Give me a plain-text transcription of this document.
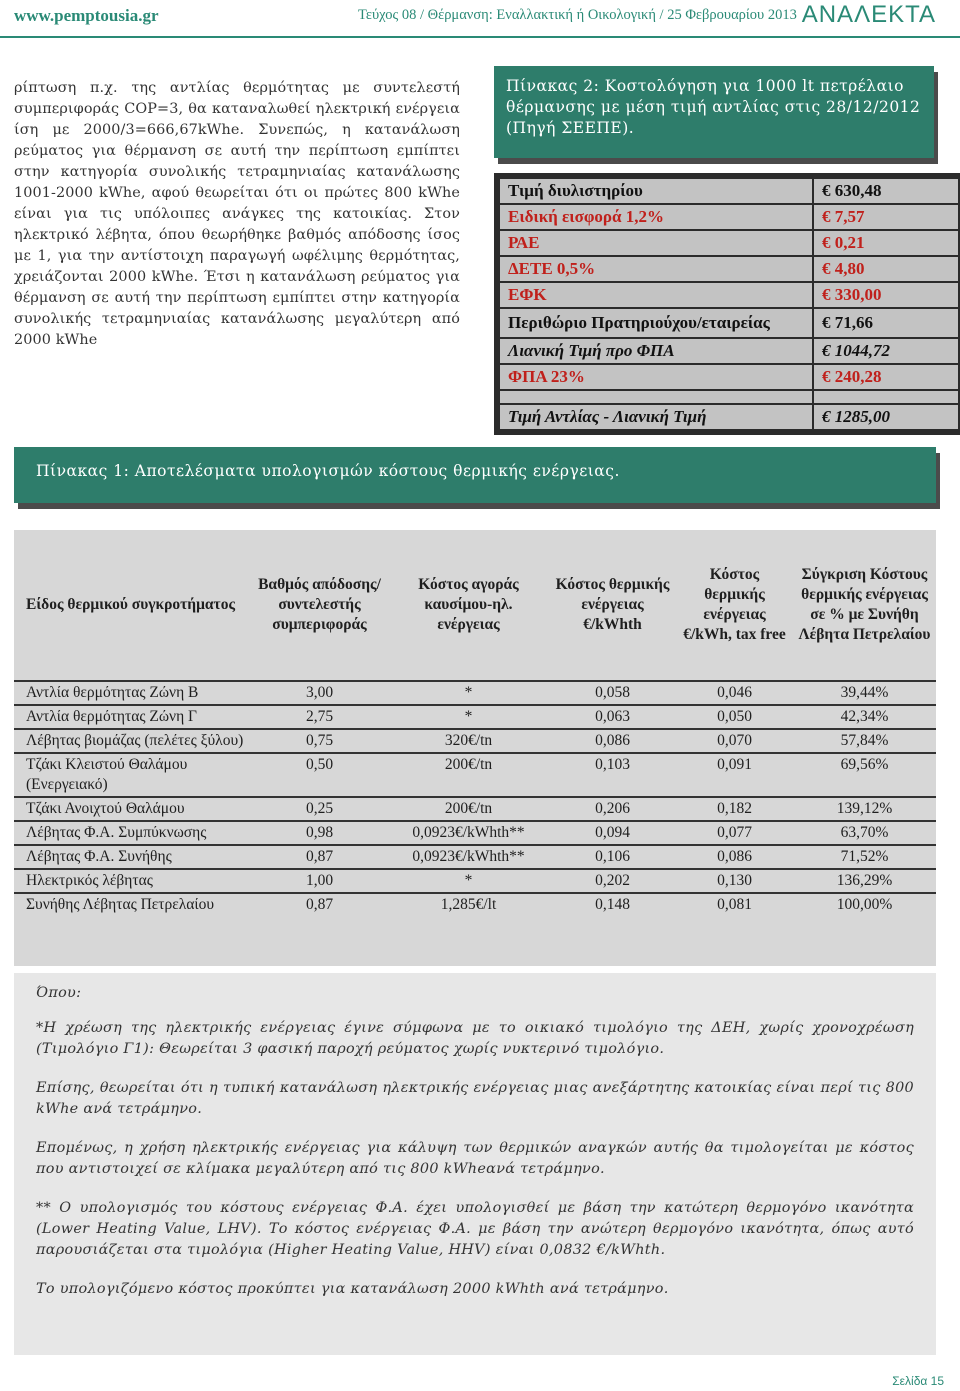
www.pemptousia.gr	Τεύχος 08 / Θέρμανση: Εναλλακτική ή Οικολογική / 25 Φεβρουαρίου 2013 ΑΝΑΛΕΚΤΑ
ρίπτωση π.χ. της αντλίας θερμότητας με συντελεστή συμπεριφοράς COP=3, θα καταναλωθεί ηλεκτρική ενέργεια ίση με 2000/3=666,67kWhe. Συνεπώς, η κατανάλωση ρεύματος για θέρμανση σε αυτή την περίπτωση εμπίπτει στην κατηγορία συνολικής τετραμηνιαίας κατανάλωσης 1001-2000 kWhe, αφού θεωρείται ότι οι πρώτες 800 kWhe είναι για τις υπόλοιπες ανάγκες της κατοικίας. Στον ηλεκτρικό λέβητα, όπου θεωρήθηκε βαθμός απόδοσης ίσος με 1, για την αντίστοιχη παραγωγή ωφέλιμης θερμότητας, χρειάζονται 2000 kWhe. Έτσι η κατανάλωση ρεύματος για θέρμανση σε αυτή την περίπτωση εμπίπτει στην κατηγορία συνολικής τετραμηνιαίας κατανάλωσης μεγαλύτερη από 2000 kWhe
Πίνακας 2: Κοστολόγηση για 1000 lt πετρέλαιο θέρμανσης με μέση τιμή αντλίας στις 28/12/2012 (Πηγή ΣΕΕΠΕ).
Τιμή διυλιστηρίου	€ 630,48
Ειδική εισφορά 1,2%	€ 7,57
ΡΑΕ	€ 0,21
ΔΕΤΕ 0,5%	€ 4,80
ΕΦΚ	€ 330,00
Περιθώριο Πρατηριούχου/εταιρείας	€ 71,66
Λιανική Τιμή προ ΦΠΑ	€ 1044,72
ΦΠΑ 23%	€ 240,28

Τιμή Αντλίας - Λιανική Τιμή	€ 1285,00
Πίνακας 1: Αποτελέσματα υπολογισμών κόστους θερμικής ενέργειας.
Είδος θερμικού συγκροτήματος	Βαθμός απόδοσης/ συντελεστής συμπεριφοράς	Κόστος αγοράς καυσίμου-ηλ. ενέργειας	Κόστος θερμικής ενέργειας €/kWhth	Κόστος θερμικής ενέργειας €/kWh, tax free	Σύγκριση Κόστους θερμικής ενέργειας σε % με Συνήθη Λέβητα Πετρελαίου
Αντλία θερμότητας Ζώνη Β	3,00	*	0,058	0,046	39,44%
Αντλία θερμότητας Ζώνη Γ	2,75	*	0,063	0,050	42,34%
Λέβητας βιομάζας (πελέτες ξύλου)	0,75	320€/tn	0,086	0,070	57,84%
Τζάκι Κλειστού Θαλάμου (Ενεργειακό)	0,50	200€/tn	0,103	0,091	69,56%
Τζάκι Ανοιχτού Θαλάμου	0,25	200€/tn	0,206	0,182	139,12%
Λέβητας Φ.Α. Συμπύκνωσης	0,98	0,0923€/kWhth**	0,094	0,077	63,70%
Λέβητας Φ.Α. Συνήθης	0,87	0,0923€/kWhth**	0,106	0,086	71,52%
Ηλεκτρικός λέβητας	1,00	*	0,202	0,130	136,29%
Συνήθης Λέβητας Πετρελαίου	0,87	1,285€/lt	0,148	0,081	100,00%

Όπου:

*Η χρέωση της ηλεκτρικής ενέργειας έγινε σύμφωνα με το οικιακό τιμολόγιο της ΔΕΗ, χωρίς χρονοχρέωση (Τιμολόγιο Γ1): Θεωρείται 3 φασική παροχή ρεύματος χωρίς νυκτερινό τιμολόγιο.

Επίσης, θεωρείται ότι η τυπική κατανάλωση ηλεκτρικής ενέργειας μιας ανεξάρτητης κατοικίας είναι περί τις 800 kWhe ανά τετράμηνο.

Επομένως, η χρήση ηλεκτρικής ενέργειας για κάλυψη των θερμικών αναγκών αυτής θα τιμολογείται με κόστος που αντιστοιχεί σε κλίμακα μεγαλύτερη από τις 800 kWheανά τετράμηνο.

** Ο υπολογισμός του κόστους ενέργειας Φ.Α. έχει υπολογισθεί με βάση την κατώτερη θερμογόνο ικανότητα (Lower Heating Value, LHV). Το κόστος ενέργειας Φ.Α. με βάση την ανώτερη θερμογόνο ικανότητα, όπως αυτό παρουσιάζεται στα τιμολόγια (Higher Heating Value, HHV) είναι 0,0832 €/kWhth.

Το υπολογιζόμενο κόστος προκύπτει για κατανάλωση 2000 kWhth ανά τετράμηνο.

Σελίδα 15
